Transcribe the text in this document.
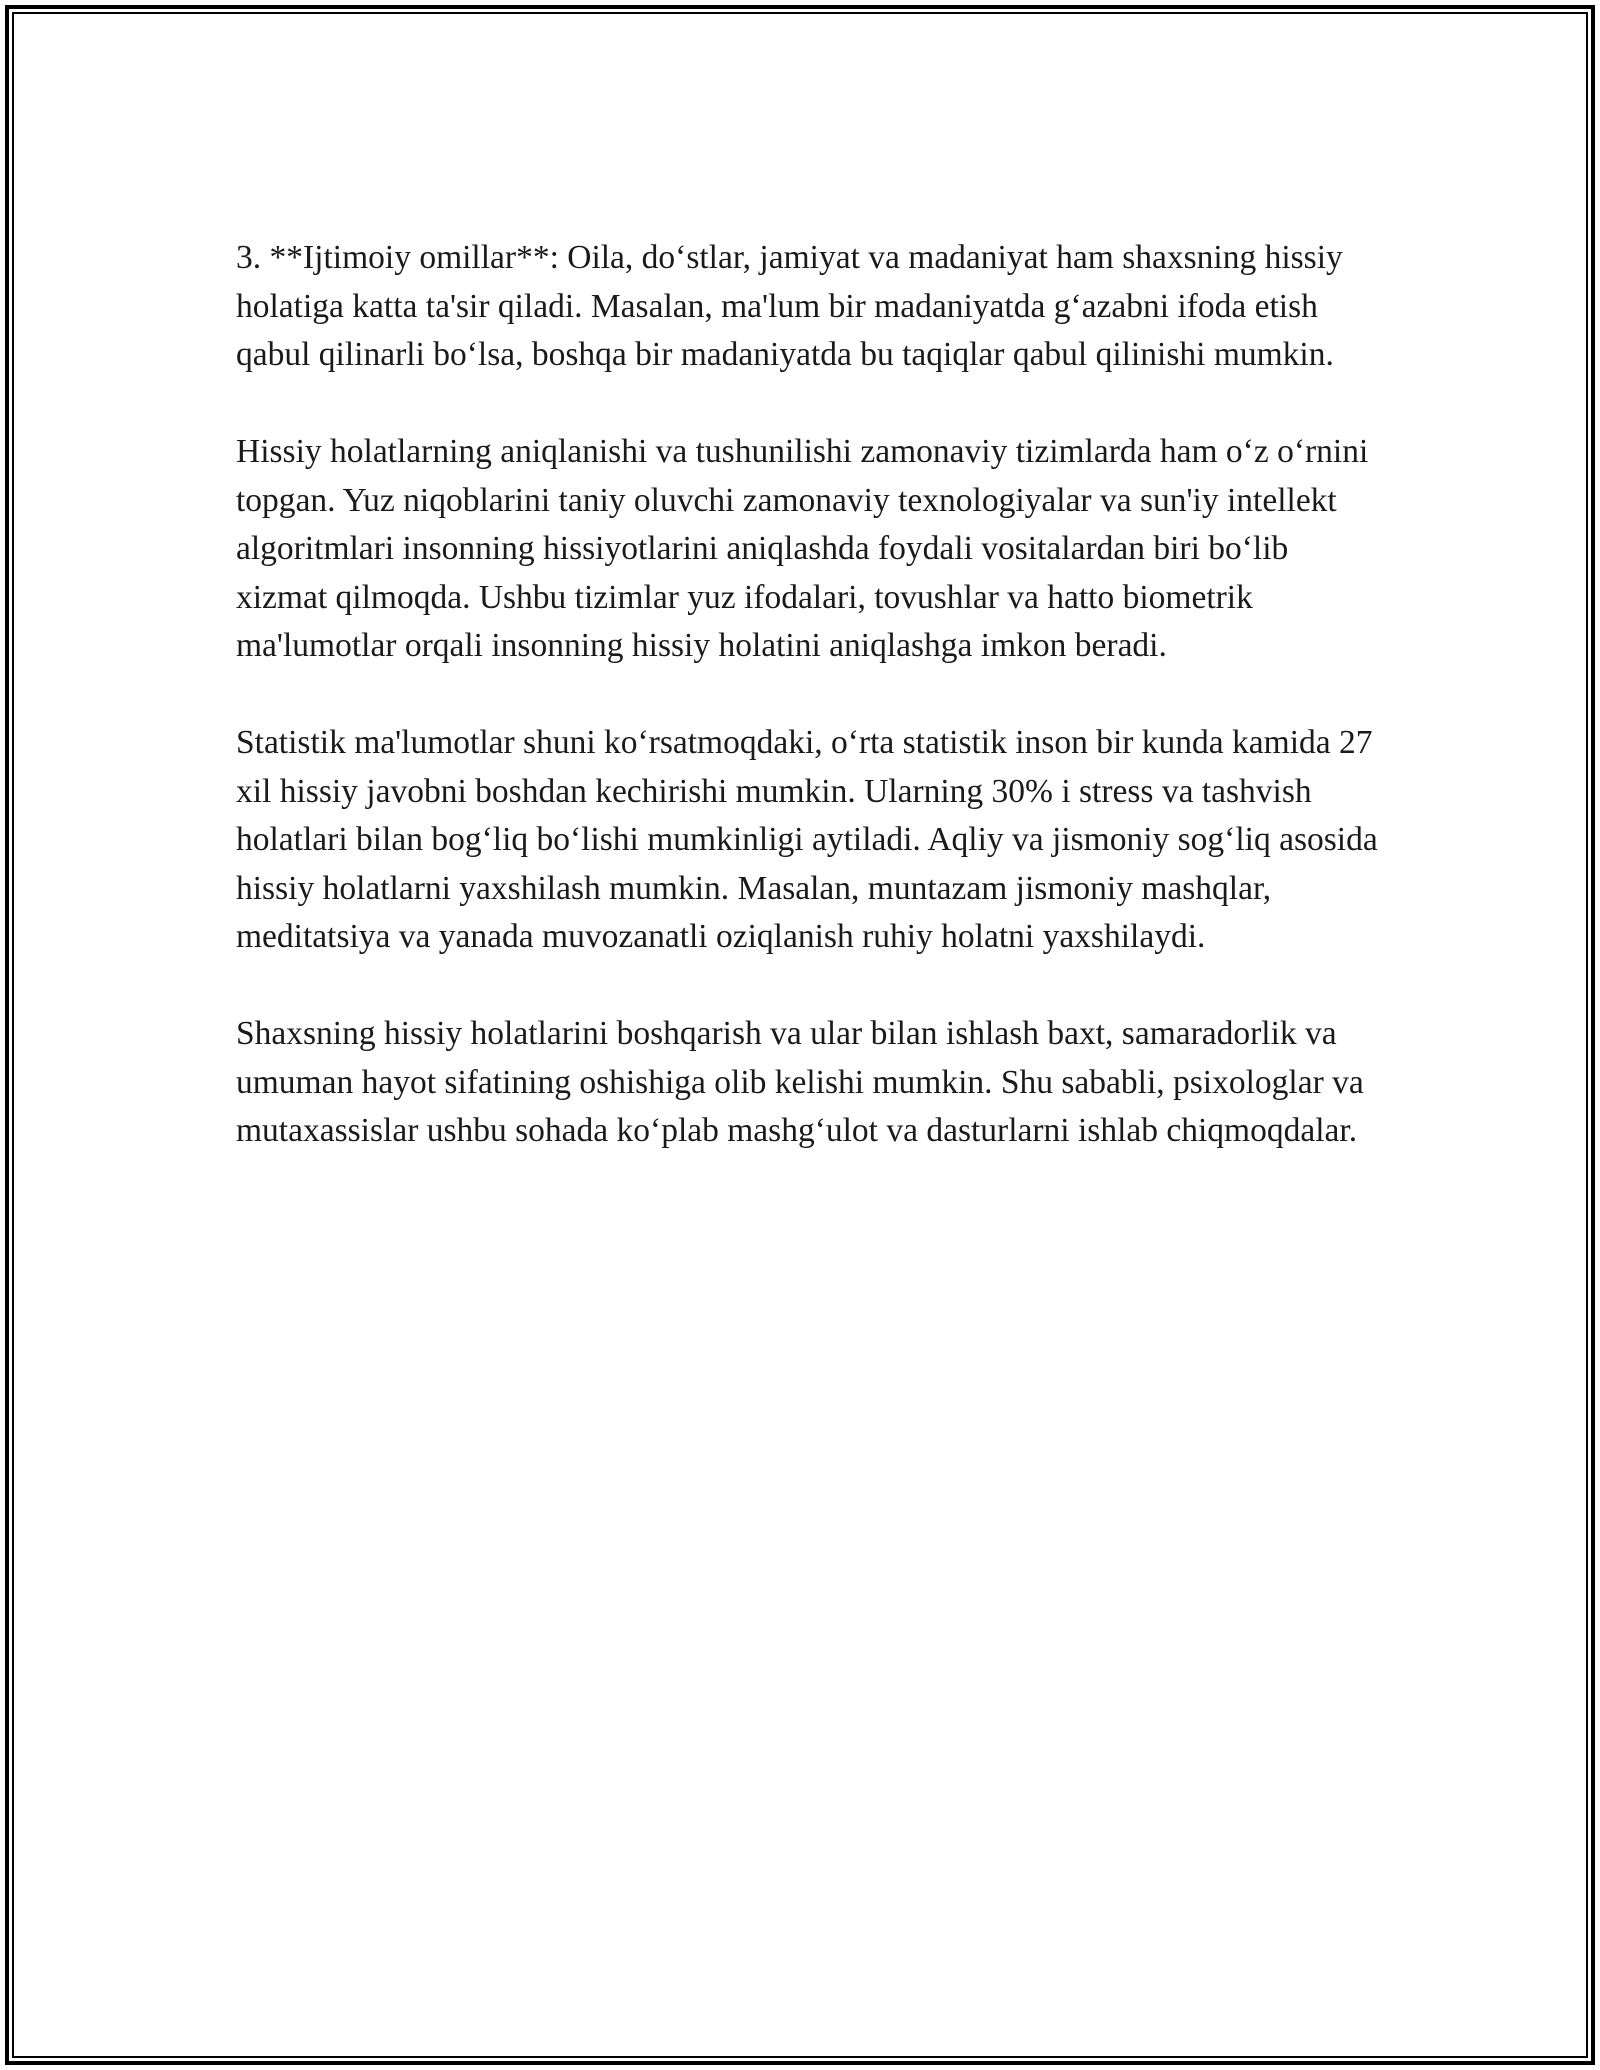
3. **Ijtimoiy omillar**: Oila, do‘stlar, jamiyat va madaniyat ham shaxsning hissiy holatiga katta ta'sir qiladi. Masalan, ma'lum bir madaniyatda g‘azabni ifoda etish qabul qilinarli bo‘lsa, boshqa bir madaniyatda bu taqiqlar qabul qilinishi mumkin.

Hissiy holatlarning aniqlanishi va tushunilishi zamonaviy tizimlarda ham o‘z o‘rnini topgan. Yuz niqoblarini taniy oluvchi zamonaviy texnologiyalar va sun'iy intellekt algoritmlari insonning hissiyotlarini aniqlashda foydali vositalardan biri bo‘lib xizmat qilmoqda. Ushbu tizimlar yuz ifodalari, tovushlar va hatto biometrik ma'lumotlar orqali insonning hissiy holatini aniqlashga imkon beradi.

Statistik ma'lumotlar shuni ko‘rsatmoqdaki, o‘rta statistik inson bir kunda kamida 27 xil hissiy javobni boshdan kechirishi mumkin. Ularning 30% i stress va tashvish holatlari bilan bog‘liq bo‘lishi mumkinligi aytiladi. Aqliy va jismoniy sog‘liq asosida hissiy holatlarni yaxshilash mumkin. Masalan, muntazam jismoniy mashqlar, meditatsiya va yanada muvozanatli oziqlanish ruhiy holatni yaxshilaydi.

Shaxsning hissiy holatlarini boshqarish va ular bilan ishlash baxt, samaradorlik va umuman hayot sifatining oshishiga olib kelishi mumkin. Shu sababli, psixologlar va mutaxassislar ushbu sohada ko‘plab mashg‘ulot va dasturlarni ishlab chiqmoqdalar.
